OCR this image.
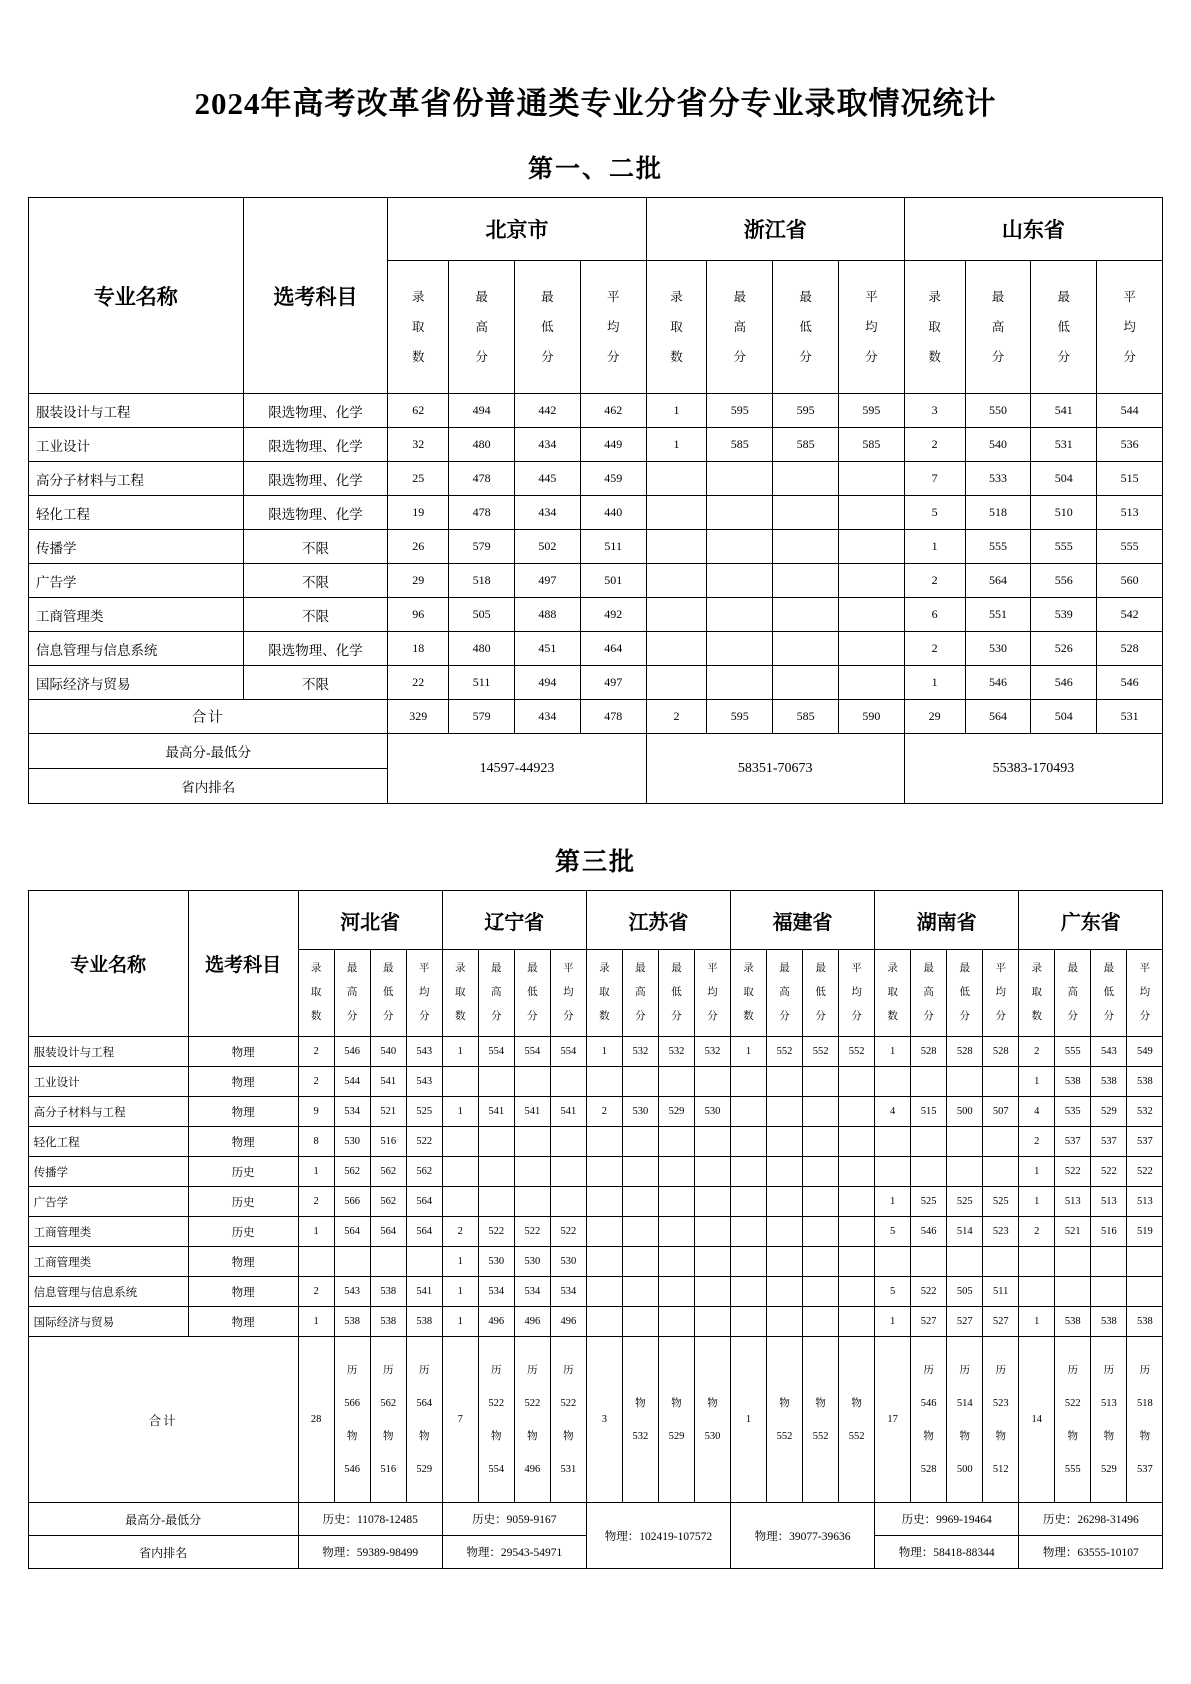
2024年高考改革省份普通类专业分省分专业录取情况统计
第一、二批
专业名称	选考科目	北京市				浙江省				山东省			

		录
取
数	最
高
分	最
低
分	平
均
分	录
取
数	最
高
分	最
低
分	平
均
分	录
取
数	最
高
分	最
低
分	平
均
分

服装设计与工程	限选物理、化学	62	494	442	462	1	595	595	595	3	550	541	544
工业设计	限选物理、化学	32	480	434	449	1	585	585	585	2	540	531	536
高分子材料与工程	限选物理、化学	25	478	445	459					7	533	504	515
轻化工程	限选物理、化学	19	478	434	440					5	518	510	513
传播学	不限	26	579	502	511					1	555	555	555
广告学	不限	29	518	497	501					2	564	556	560
工商管理类	不限	96	505	488	492					6	551	539	542
信息管理与信息系统	限选物理、化学	18	480	451	464					2	530	526	528
国际经济与贸易	不限	22	511	494	497					1	546	546	546
合计		329	579	434	478	2	595	585	590	29	564	504	531
最高分-最低分		14597-44923				58351-70673				55383-170493			
省内排名													
第三批
专业名称	选考科目	河北省				辽宁省				江苏省				福建省				湖南省				广东省			

		录
取
数	最
高
分	最
低
分	平
均
分	录
取
数	最
高
分	最
低
分	平
均
分	录
取
数	最
高
分	最
低
分	平
均
分	录
取
数	最
高
分	最
低
分	平
均
分	录
取
数	最
高
分	最
低
分	平
均
分	录
取
数	最
高
分	最
低
分	平
均
分

服装设计与工程	物理	2	546	540	543	1	554	554	554	1	532	532	532	1	552	552	552	1	528	528	528	2	555	543	549
工业设计	物理	2	544	541	543																	1	538	538	538
高分子材料与工程	物理	9	534	521	525	1	541	541	541	2	530	529	530					4	515	500	507	4	535	529	532
轻化工程	物理	8	530	516	522																	2	537	537	537
传播学	历史	1	562	562	562																	1	522	522	522
广告学	历史	2	566	562	564													1	525	525	525	1	513	513	513
工商管理类	历史	1	564	564	564	2	522	522	522									5	546	514	523	2	521	516	519
工商管理类	物理					1	530	530	530																
信息管理与信息系统	物理	2	543	538	541	1	534	534	534									5	522	505	511				
国际经济与贸易	物理	1	538	538	538	1	496	496	496									1	527	527	527	1	538	538	538
合计		28	历
566
物
546	历
562
物
516	历
564
物
529	7	历
522
物
554	历
522
物
496	历
522
物
531	3	物
532	物
529	物
530	1	物
552	物
552	物
552	17	历
546
物
528	历
514
物
500	历
523
物
512	14	历
522
物
555	历
513
物
529	历
518
物
537

最高分-最低分		历史：11078-12485				历史：9059-9167				物理：102419-107572				物理：39077-39636				历史：9969-19464				历史：26298-31496			
省内排名		物理：59389-98499				物理：29543-54971												物理：58418-88344				物理：63555-10107			
